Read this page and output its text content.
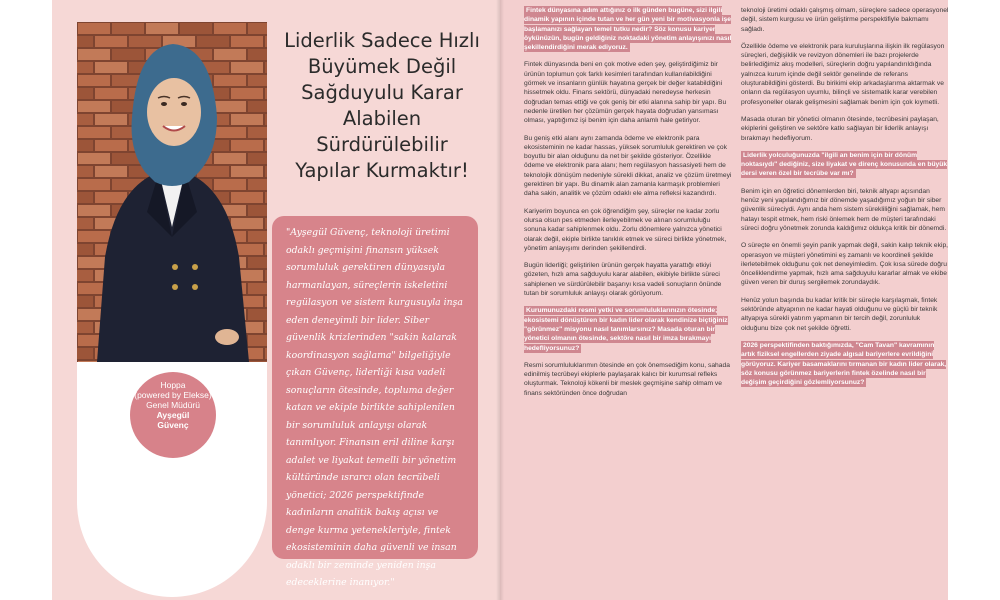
Hoppa
(powered by Elekse)
Genel Müdürü
Ayşegül
Güvenç
Liderlik Sadece Hızlı Büyümek Değil Sağduyulu Karar Alabilen Sürdürülebilir Yapılar Kurmaktır!
"Ayşegül Güvenç, teknoloji üretimi odaklı geçmişini finansın yüksek sorumluluk gerektiren dünyasıyla harmanlayan, süreçlerin iskeletini regülasyon ve sistem kurgusuyla inşa eden deneyimli bir lider. Siber güvenlik krizlerinden "sakin kalarak koordinasyon sağlama" bilgeliğiyle çıkan Güvenç, liderliği kısa vadeli sonuçların ötesinde, topluma değer katan ve ekiple birlikte sahiplenilen bir sorumluluk anlayışı olarak tanımlıyor. Finansın eril diline karşı adalet ve liyakat temelli bir yönetim kültüründe ısrarcı olan tecrübeli yönetici; 2026 perspektifinde kadınların analitik bakış açısı ve denge kurma yetenekleriyle, fintek ekosisteminin daha güvenli ve insan odaklı bir zeminde yeniden inşa edeceklerine inanıyor."

Fintek dünyasına adım attığınız o ilk günden bugüne, sizi ilgili dinamik yapının içinde tutan ve her gün yeni bir motivasyonla işe başlamanızı sağlayan temel tutku nedir? Söz konusu kariyer öykünüzün, bugün geldiğiniz noktadaki yönetim anlayışınızı nasıl şekillendirdiğini merak ediyoruz.

Fintek dünyasında beni en çok motive eden şey, geliştirdiğimiz bir ürünün toplumun çok farklı kesimleri tarafından kullanılabildiğini görmek ve insanların günlük hayatına gerçek bir değer katabildiğini hissetmek oldu. Finans sektörü, dünyadaki neredeyse herkesin doğrudan temas ettiği ve çok geniş bir etki alanına sahip bir yapı. Bu nedenle üretilen her çözümün gerçek hayata doğrudan yansıması olması, yaptığımız işi benim için daha anlamlı hale getiriyor.

Bu geniş etki alanı aynı zamanda ödeme ve elektronik para ekosisteminin ne kadar hassas, yüksek sorumluluk gerektiren ve çok boyutlu bir alan olduğunu da net bir şekilde gösteriyor. Özellikle ödeme ve elektronik para alanı; hem regülasyon hassasiyeti hem de teknolojik dönüşüm nedeniyle sürekli dikkat, analiz ve çözüm üretmeyi gerektiren bir yapı. Bu dinamik alan zamanla karmaşık problemleri daha sakin, analitik ve çözüm odaklı ele alma refleksi kazandırdı.

Kariyerim boyunca en çok öğrendiğim şey, süreçler ne kadar zorlu olursa olsun pes etmeden ilerleyebilmek ve alınan sorumluluğu sonuna kadar sahiplenmek oldu. Zorlu dönemlere yalnızca yönetici olarak değil, ekiple birlikte tanıklık etmek ve süreci birlikte yönetmek, yönetim anlayışımı derinden şekillendirdi.

Bugün liderliği; geliştirilen ürünün gerçek hayatta yarattığı etkiyi gözeten, hızlı ama sağduyulu karar alabilen, ekibiyle birlikte süreci sahiplenen ve sürdürülebilir başarıyı kısa vadeli sonuçların önünde tutan bir sorumluluk anlayışı olarak görüyorum.

Kurumunuzdaki resmi yetki ve sorumluluklarınızın ötesinde; ekosistemi dönüştüren bir kadın lider olarak kendinize biçtiğiniz "görünmez" misyonu nasıl tanımlarsınız? Masada oturan bir yönetici olmanın ötesinde, sektöre nasıl bir imza bırakmayı hedefliyorsunuz?

Resmi sorumluluklarımın ötesinde en çok önemsediğim konu, sahada edinilmiş tecrübeyi ekiplerle paylaşarak kalıcı bir kurumsal refleks oluşturmak. Teknoloji kökenli bir meslek geçmişine sahip olmam ve finans sektöründen önce doğrudan

teknoloji üretimi odaklı çalışmış olmam, süreçlere sadece operasyonel değil, sistem kurgusu ve ürün geliştirme perspektifiyle bakmamı sağladı.

Özellikle ödeme ve elektronik para kuruluşlarına ilişkin ilk regülasyon süreçleri, değişiklik ve revizyon dönemleri ile bazı projelerde belirlediğimiz akış modelleri, süreçlerin doğru yapılandırıldığında yalnızca kurum içinde değil sektör genelinde de referans oluşturabildiğini gösterdi. Bu birikimi ekip arkadaşlarıma aktarmak ve onların da regülasyon uyumlu, bilinçli ve sistematik karar verebilen profesyoneller olarak gelişmesini sağlamak benim için çok kıymetli.

Masada oturan bir yönetici olmanın ötesinde, tecrübesini paylaşan, ekiplerini geliştiren ve sektöre katkı sağlayan bir liderlik anlayışı bırakmayı hedefliyorum.

Liderlik yolculuğunuzda "ilgili an benim için bir dönüm noktasıydı" dediğiniz, size liyakat ve direnç konusunda en büyük dersi veren özel bir tecrübe var mı?

Benim için en öğretici dönemlerden biri, teknik altyapı açısından henüz yeni yapılandığımız bir dönemde yaşadığımız yoğun bir siber güvenlik süreciydi. Aynı anda hem sistem sürekliliğini sağlamak, hem hatayı tespit etmek, hem riski önlemek hem de müşteri tarafındaki süreci doğru yönetmek zorunda kaldığımız oldukça kritik bir dönemdi.

O süreçte en önemli şeyin panik yapmak değil, sakin kalıp teknik ekip, operasyon ve müşteri yönetimini eş zamanlı ve koordineli şekilde ilerletebilmek olduğunu çok net deneyimledim. Çok kısa sürede doğru önceliklendirme yapmak, hızlı ama sağduyulu kararlar almak ve ekibe güven veren bir duruş sergilemek zorundaydık.

Henüz yolun başında bu kadar kritik bir süreçle karşılaşmak, fintek sektöründe altyapının ne kadar hayati olduğunu ve güçlü bir teknik altyapıya sürekli yatırım yapmanın bir tercih değil, zorunluluk olduğunu bize çok net şekilde öğretti.

2026 perspektifinden baktığımızda, "Cam Tavan" kavramının artık fiziksel engellerden ziyade algısal bariyerlere evrildiğini görüyoruz. Kariyer basamaklarını tırmanan bir kadın lider olarak, söz konusu görünmez bariyerlerin fintek özelinde nasıl bir değişim geçirdiğini gözlemliyorsunuz?
